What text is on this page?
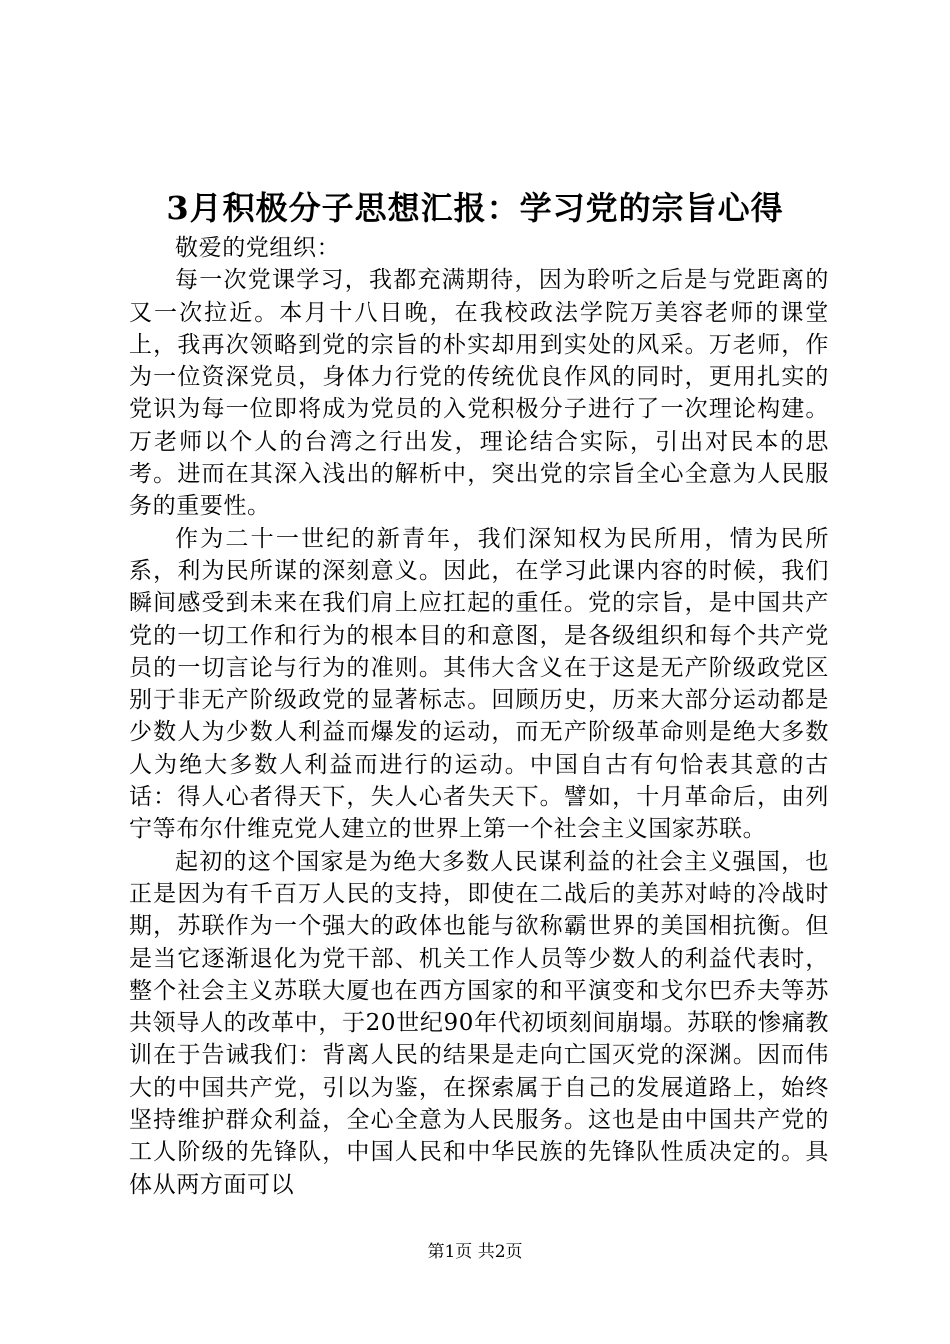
3月积极分子思想汇报：学习党的宗旨心得

敬爱的党组织：

每一次党课学习，我都充满期待，因为聆听之后是与党距离的又一次拉近。本月十八日晚，在我校政法学院万美容老师的课堂上，我再次领略到党的宗旨的朴实却用到实处的风采。万老师，作为一位资深党员，身体力行党的传统优良作风的同时，更用扎实的党识为每一位即将成为党员的入党积极分子进行了一次理论构建。万老师以个人的台湾之行出发，理论结合实际，引出对民本的思考。进而在其深入浅出的解析中，突出党的宗旨全心全意为人民服务的重要性。

作为二十一世纪的新青年，我们深知权为民所用，情为民所系，利为民所谋的深刻意义。因此，在学习此课内容的时候，我们瞬间感受到未来在我们肩上应扛起的重任。党的宗旨，是中国共产党的一切工作和行为的根本目的和意图，是各级组织和每个共产党员的一切言论与行为的准则。其伟大含义在于这是无产阶级政党区别于非无产阶级政党的显著标志。回顾历史，历来大部分运动都是少数人为少数人利益而爆发的运动，而无产阶级革命则是绝大多数人为绝大多数人利益而进行的运动。中国自古有句恰表其意的古话：得人心者得天下，失人心者失天下。譬如，十月革命后，由列宁等布尔什维克党人建立的世界上第一个社会主义国家苏联。

起初的这个国家是为绝大多数人民谋利益的社会主义强国，也正是因为有千百万人民的支持，即使在二战后的美苏对峙的冷战时期，苏联作为一个强大的政体也能与欲称霸世界的美国相抗衡。但是当它逐渐退化为党干部、机关工作人员等少数人的利益代表时，整个社会主义苏联大厦也在西方国家的和平演变和戈尔巴乔夫等苏共领导人的改革中，于20世纪90年代初顷刻间崩塌。苏联的惨痛教训在于告诫我们：背离人民的结果是走向亡国灭党的深渊。因而伟大的中国共产党，引以为鉴，在探索属于自己的发展道路上，始终坚持维护群众利益，全心全意为人民服务。这也是由中国共产党的工人阶级的先锋队，中国人民和中华民族的先锋队性质决定的。具体从两方面可以

第1页 共2页
